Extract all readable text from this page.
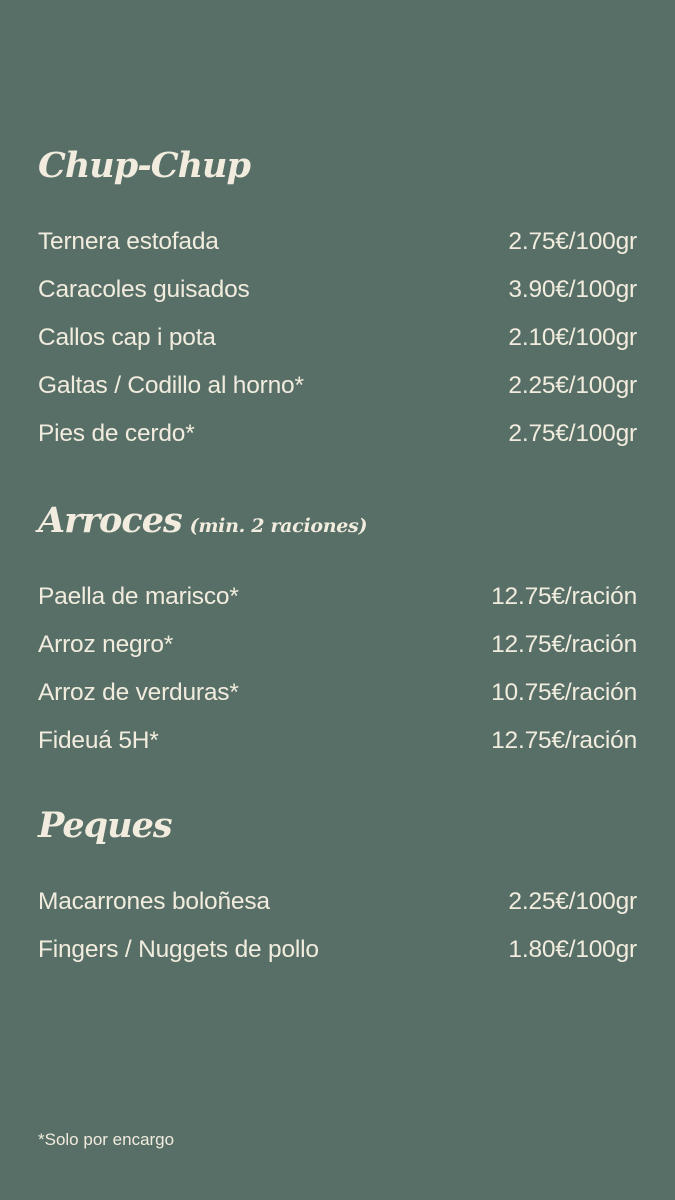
Chup-Chup
Ternera estofada	2.75€/100gr
Caracoles guisados	3.90€/100gr
Callos cap i pota	2.10€/100gr
Galtas / Codillo al horno*	2.25€/100gr
Pies de cerdo*	2.75€/100gr
Arroces (min. 2 raciones)
Paella de marisco*	12.75€/ración
Arroz negro*	12.75€/ración
Arroz de verduras*	10.75€/ración
Fideuá 5H*	12.75€/ración
Peques
Macarrones boloñesa	2.25€/100gr
Fingers / Nuggets de pollo	1.80€/100gr

*Solo por encargo
